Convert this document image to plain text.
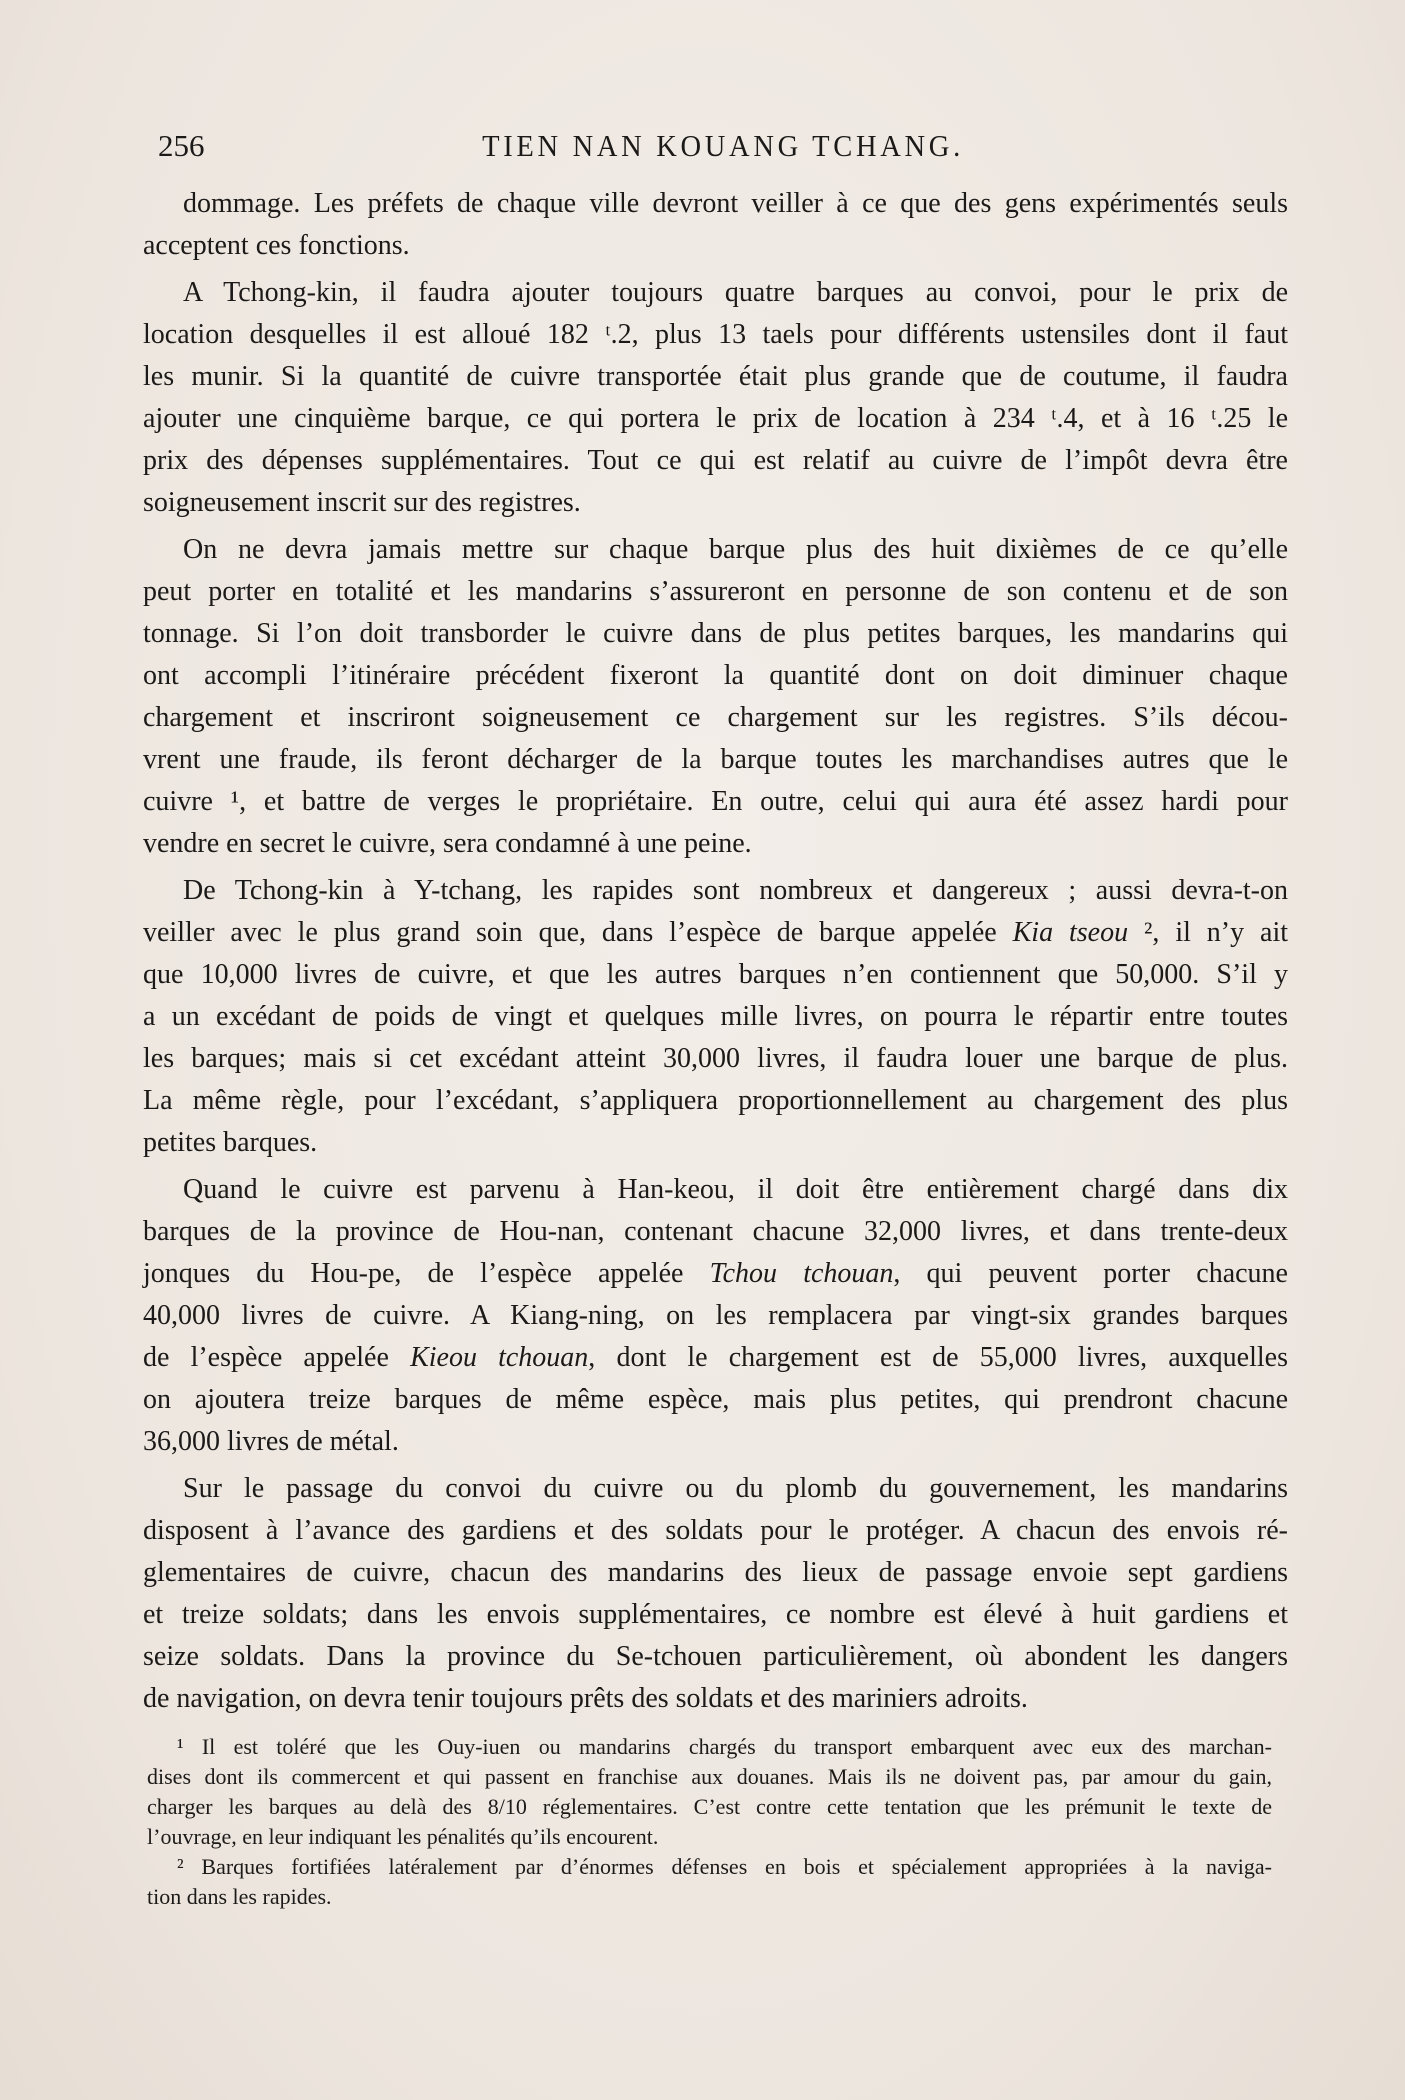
256	TIEN NAN KOUANG TCHANG.
dommage. Les préfets de chaque ville devront veiller à ce que des gens expérimentés seuls
acceptent ces fonctions.
A Tchong-kin, il faudra ajouter toujours quatre barques au convoi, pour le prix de
location desquelles il est alloué 182 ᵗ.2, plus 13 taels pour différents ustensiles dont il faut
les munir. Si la quantité de cuivre transportée était plus grande que de coutume, il faudra
ajouter une cinquième barque, ce qui portera le prix de location à 234 ᵗ.4, et à 16 ᵗ.25 le
prix des dépenses supplémentaires. Tout ce qui est relatif au cuivre de l’impôt devra être
soigneusement inscrit sur des registres.
On ne devra jamais mettre sur chaque barque plus des huit dixièmes de ce qu’elle
peut porter en totalité et les mandarins s’assureront en personne de son contenu et de son
tonnage. Si l’on doit transborder le cuivre dans de plus petites barques, les mandarins qui
ont accompli l’itinéraire précédent fixeront la quantité dont on doit diminuer chaque
chargement et inscriront soigneusement ce chargement sur les registres. S’ils décou-
vrent une fraude, ils feront décharger de la barque toutes les marchandises autres que le
cuivre ¹, et battre de verges le propriétaire. En outre, celui qui aura été assez hardi pour
vendre en secret le cuivre, sera condamné à une peine.
De Tchong-kin à Y-tchang, les rapides sont nombreux et dangereux ; aussi devra-t-on
veiller avec le plus grand soin que, dans l’espèce de barque appelée Kia tseou ², il n’y ait
que 10,000 livres de cuivre, et que les autres barques n’en contiennent que 50,000. S’il y
a un excédant de poids de vingt et quelques mille livres, on pourra le répartir entre toutes
les barques; mais si cet excédant atteint 30,000 livres, il faudra louer une barque de plus.
La même règle, pour l’excédant, s’appliquera proportionnellement au chargement des plus
petites barques.
Quand le cuivre est parvenu à Han-keou, il doit être entièrement chargé dans dix
barques de la province de Hou-nan, contenant chacune 32,000 livres, et dans trente-deux
jonques du Hou-pe, de l’espèce appelée Tchou tchouan, qui peuvent porter chacune
40,000 livres de cuivre. A Kiang-ning, on les remplacera par vingt-six grandes barques
de l’espèce appelée Kieou tchouan, dont le chargement est de 55,000 livres, auxquelles
on ajoutera treize barques de même espèce, mais plus petites, qui prendront chacune
36,000 livres de métal.
Sur le passage du convoi du cuivre ou du plomb du gouvernement, les mandarins
disposent à l’avance des gardiens et des soldats pour le protéger. A chacun des envois ré-
glementaires de cuivre, chacun des mandarins des lieux de passage envoie sept gardiens
et treize soldats; dans les envois supplémentaires, ce nombre est élevé à huit gardiens et
seize soldats. Dans la province du Se-tchouen particulièrement, où abondent les dangers
de navigation, on devra tenir toujours prêts des soldats et des mariniers adroits.
¹ Il est toléré que les Ouy-iuen ou mandarins chargés du transport embarquent avec eux des marchan-
dises dont ils commercent et qui passent en franchise aux douanes. Mais ils ne doivent pas, par amour du gain,
charger les barques au delà des 8/10 réglementaires. C’est contre cette tentation que les prémunit le texte de
l’ouvrage, en leur indiquant les pénalités qu’ils encourent.
² Barques fortifiées latéralement par d’énormes défenses en bois et spécialement appropriées à la naviga-
tion dans les rapides.
